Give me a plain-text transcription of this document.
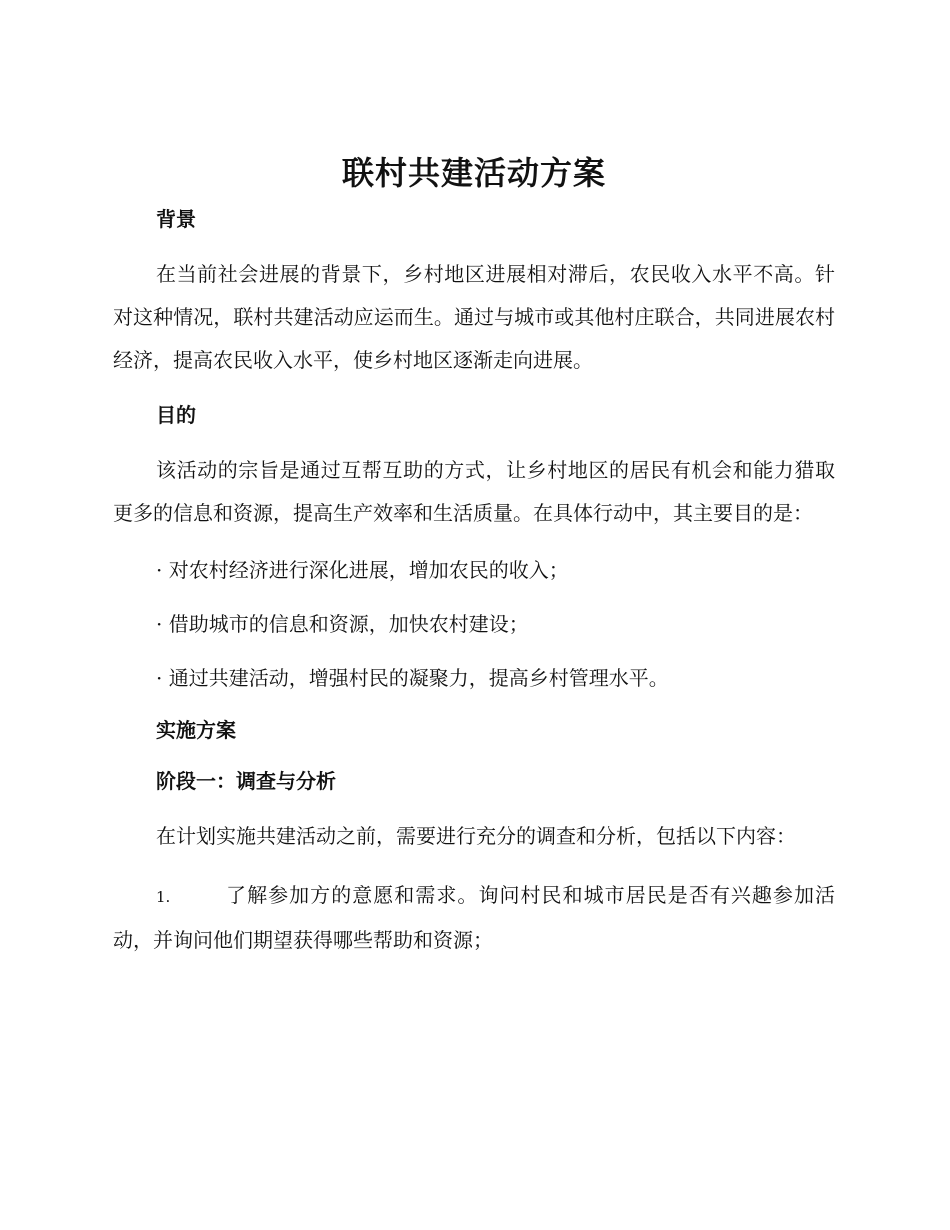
联村共建活动方案
背景

在当前社会进展的背景下，乡村地区进展相对滞后，农民收入水平不高。针对这种情况，联村共建活动应运而生。通过与城市或其他村庄联合，共同进展农村经济，提高农民收入水平，使乡村地区逐渐走向进展。

目的

该活动的宗旨是通过互帮互助的方式，让乡村地区的居民有机会和能力猎取更多的信息和资源，提高生产效率和生活质量。在具体行动中，其主要目的是：

· 对农村经济进行深化进展，增加农民的收入；
· 借助城市的信息和资源，加快农村建设；
· 通过共建活动，增强村民的凝聚力，提高乡村管理水平。
实施方案
阶段一：调查与分析

在计划实施共建活动之前，需要进行充分的调查和分析，包括以下内容：

1.	了解参加方的意愿和需求。询问村民和城市居民是否有兴趣参加活动，并询问他们期望获得哪些帮助和资源；
